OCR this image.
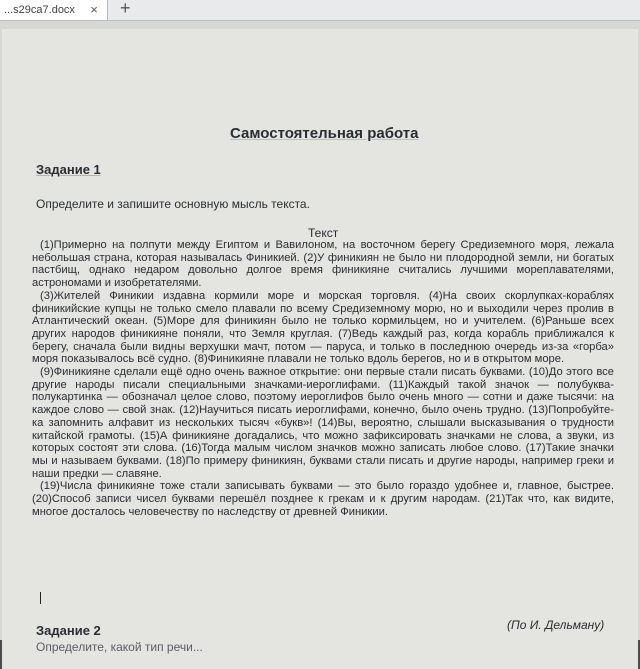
...s29ca7.docx	× +
Самостоятельная работа
Задание 1
Определите и запишите основную мысль текста.
Текст

(1)Примерно на полпути между Египтом и Вавилоном, на восточном берегу Средиземного моря, лежала небольшая страна, которая называлась Финикией. (2)У финикиян не было ни плодородной земли, ни богатых пастбищ, однако недаром довольно долгое время финикияне считались лучшими мореплавателями, астрономами и изобретателями.

(3)Жителей Финикии издавна кормили море и морская торговля. (4)На своих скорлупках-кораблях финикийские купцы не только смело плавали по всему Средиземному морю, но и выходили через пролив в Атлантический океан. (5)Море для финикиян было не только кормильцем, но и учителем. (6)Раньше всех других народов финикияне поняли, что Земля круглая. (7)Ведь каждый раз, когда корабль приближался к берегу, сначала были видны верхушки мачт, потом — паруса, и только в последнюю очередь из-за «горба» моря показывалось всё судно. (8)Финикияне плавали не только вдоль берегов, но и в открытом море.

(9)Финикияне сделали ещё одно очень важное открытие: они первые стали писать буквами. (10)До этого все другие народы писали специальными значками-иероглифами. (11)Каждый такой значок — полубуква-полукартинка — обозначал целое слово, поэтому иероглифов было очень много — сотни и даже тысячи: на каждое слово — свой знак. (12)Научиться писать иероглифами, конечно, было очень трудно. (13)Попробуйте-ка запомнить алфавит из нескольких тысяч «букв»! (14)Вы, вероятно, слышали высказывания о трудности китайской грамоты. (15)А финикияне догадались, что можно зафиксировать значками не слова, а звуки, из которых состоят эти слова. (16)Тогда малым числом значков можно записать любое слово. (17)Такие значки мы и называем буквами. (18)По примеру финикиян, буквами стали писать и другие народы, например греки и наши предки — славяне.

(19)Числа финикияне тоже стали записывать буквами — это было гораздо удобнее и, главное, быстрее. (20)Способ записи чисел буквами перешёл позднее к грекам и к другим народам. (21)Так что, как видите, многое досталось человечеству по наследству от древней Финикии.

(По И. Дельману)
Задание 2
Определите, какой тип речи...
